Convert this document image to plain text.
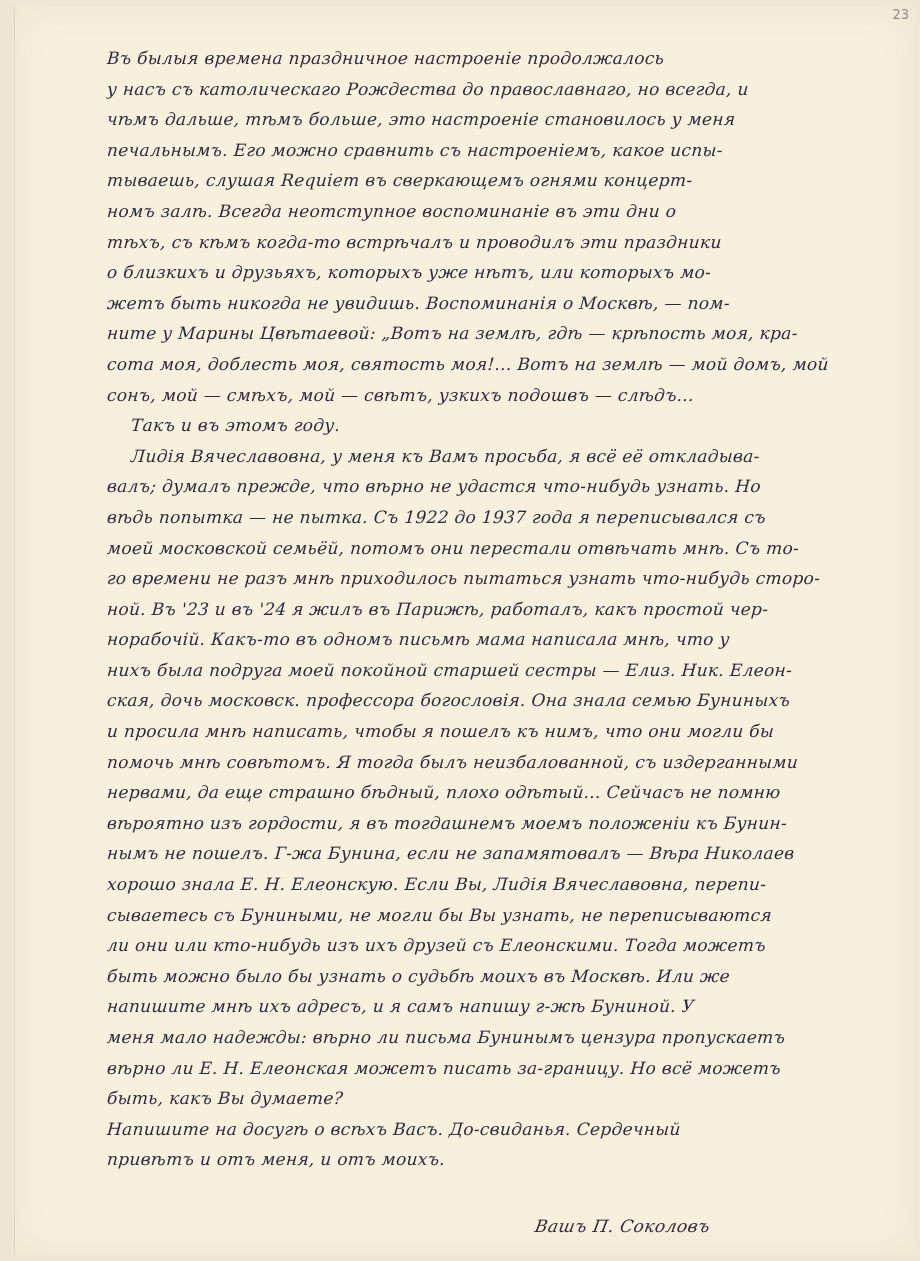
23
Въ былыя времена праздничное настроеніе продолжалось
у насъ съ католическаго Рождества до православнаго, но всегда, и
чѣмъ дальше, тѣмъ больше, это настроеніе становилось у меня
печальнымъ. Его можно сравнить съ настроеніемъ, какое испы-
тываешь, слушая Requiem въ сверкающемъ огнями концерт-
номъ залѣ. Всегда неотступное воспоминаніе въ эти дни о
тѣхъ, съ кѣмъ когда-то встрѣчалъ и проводилъ эти праздники
о близкихъ и друзьяхъ, которыхъ уже нѣтъ, или которыхъ мо-
жетъ быть никогда не увидишь. Воспоминанія о Москвѣ, — пом-
ните у Марины Цвѣтаевой: „Вотъ на землѣ, гдѣ — крѣпость моя, кра-
сота моя, доблесть моя, святость моя!... Вотъ на землѣ — мой домъ, мой
сонъ, мой — смѣхъ, мой — свѣтъ, узкихъ подошвъ — слѣдъ...
Такъ и въ этомъ году.
Лидія Вячеславовна, у меня къ Вамъ просьба, я всё её откладыва-
валъ; думалъ прежде, что вѣрно не удастся что-нибудь узнать. Но
вѣдь попытка — не пытка. Съ 1922 до 1937 года я переписывался съ
моей московской семьёй, потомъ они перестали отвѣчать мнѣ. Съ то-
го времени не разъ мнѣ приходилось пытаться узнать что-нибудь сторо-
ной. Въ '23 и въ '24 я жилъ въ Парижѣ, работалъ, какъ простой чер-
норабочій. Какъ-то въ одномъ письмѣ мама написала мнѣ, что у
нихъ была подруга моей покойной старшей сестры — Елиз. Ник. Елеон-
ская, дочь московск. профессора богословія. Она знала семью Буниныхъ
и просила мнѣ написать, чтобы я пошелъ къ нимъ, что они могли бы
помочь мнѣ совѣтомъ. Я тогда былъ неизбалованной, съ издерганными
нервами, да еще страшно бѣдный, плохо одѣтый... Сейчасъ не помню
вѣроятно изъ гордости, я въ тогдашнемъ моемъ положеніи къ Бунин-
нымъ не пошелъ. Г-жа Бунина, если не запамятовалъ — Вѣра Николаев
хорошо знала Е. Н. Елеонскую. Если Вы, Лидія Вячеславовна, перепи-
сываетесь съ Буниными, не могли бы Вы узнать, не переписываются
ли они или кто-нибудь изъ ихъ друзей съ Елеонскими. Тогда можетъ
быть можно было бы узнать о судьбѣ моихъ въ Москвѣ. Или же
напишите мнѣ ихъ адресъ, и я самъ напишу г-жѣ Буниной. У
меня мало надежды: вѣрно ли письма Бунинымъ цензура пропускаетъ
вѣрно ли Е. Н. Елеонская можетъ писать за-границу. Но всё можетъ
быть, какъ Вы думаете?
Напишите на досугѣ о всѣхъ Васъ. До-свиданья. Сердечный
привѣтъ и отъ меня, и отъ моихъ.
Вашъ П. Соколовъ
